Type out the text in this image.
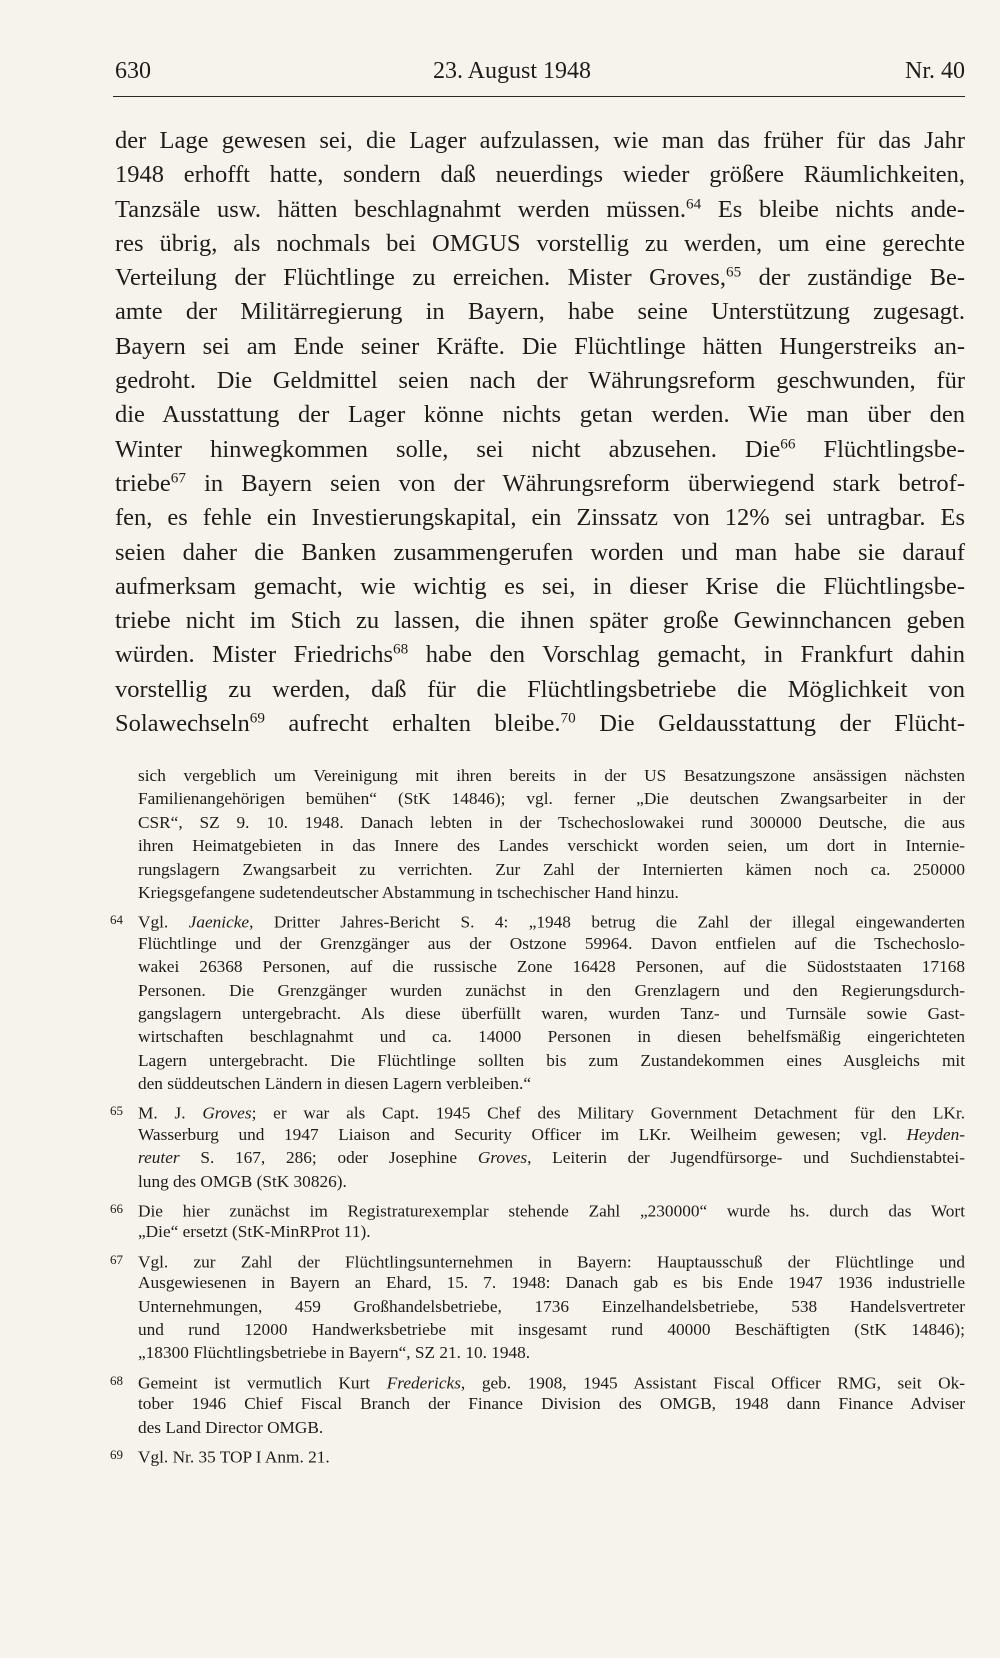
630	23. August 1948	Nr. 40
der Lage gewesen sei, die Lager aufzulassen, wie man das früher für das Jahr
1948 erhofft hatte, sondern daß neuerdings wieder größere Räumlichkeiten,
Tanzsäle usw. hätten beschlagnahmt werden müssen.$^{64}$ Es bleibe nichts ande-
res übrig, als nochmals bei OMGUS vorstellig zu werden, um eine gerechte
Verteilung der Flüchtlinge zu erreichen. Mister Groves,$^{65}$ der zuständige Be-
amte der Militärregierung in Bayern, habe seine Unterstützung zugesagt.
Bayern sei am Ende seiner Kräfte. Die Flüchtlinge hätten Hungerstreiks an-
gedroht. Die Geldmittel seien nach der Währungsreform geschwunden, für
die Ausstattung der Lager könne nichts getan werden. Wie man über den
Winter hinwegkommen solle, sei nicht abzusehen. Die$^{66}$ Flüchtlingsbe-
triebe$^{67}$ in Bayern seien von der Währungsreform überwiegend stark betrof-
fen, es fehle ein Investierungskapital, ein Zinssatz von 12% sei untragbar. Es
seien daher die Banken zusammengerufen worden und man habe sie darauf
aufmerksam gemacht, wie wichtig es sei, in dieser Krise die Flüchtlingsbe-
triebe nicht im Stich zu lassen, die ihnen später große Gewinnchancen geben
würden. Mister Friedrichs$^{68}$ habe den Vorschlag gemacht, in Frankfurt dahin
vorstellig zu werden, daß für die Flüchtlingsbetriebe die Möglichkeit von
Solawechseln$^{69}$ aufrecht erhalten bleibe.$^{70}$ Die Geldausstattung der Flücht-
sich vergeblich um Vereinigung mit ihren bereits in der US Besatzungszone ansässigen nächsten
Familienangehörigen bemühen“ (StK 14846); vgl. ferner „Die deutschen Zwangsarbeiter in der
CSR“, SZ 9. 10. 1948. Danach lebten in der Tschechoslowakei rund 300000 Deutsche, die aus
ihren Heimatgebieten in das Innere des Landes verschickt worden seien, um dort in Internie-
rungslagern Zwangsarbeit zu verrichten. Zur Zahl der Internierten kämen noch ca. 250000
Kriegsgefangene sudetendeutscher Abstammung in tschechischer Hand hinzu.
64 Vgl. Jaenicke, Dritter Jahres-Bericht S. 4: „1948 betrug die Zahl der illegal eingewanderten
Flüchtlinge und der Grenzgänger aus der Ostzone 59964. Davon entfielen auf die Tschechoslo-
wakei 26368 Personen, auf die russische Zone 16428 Personen, auf die Südoststaaten 17168
Personen. Die Grenzgänger wurden zunächst in den Grenzlagern und den Regierungsdurch-
gangslagern untergebracht. Als diese überfüllt waren, wurden Tanz- und Turnsäle sowie Gast-
wirtschaften beschlagnahmt und ca. 14000 Personen in diesen behelfsmäßig eingerichteten
Lagern untergebracht. Die Flüchtlinge sollten bis zum Zustandekommen eines Ausgleichs mit
den süddeutschen Ländern in diesen Lagern verbleiben.“
65 M. J. Groves; er war als Capt. 1945 Chef des Military Government Detachment für den LKr.
Wasserburg und 1947 Liaison and Security Officer im LKr. Weilheim gewesen; vgl. Heyden-
reuter S. 167, 286; oder Josephine Groves, Leiterin der Jugendfürsorge- und Suchdienstabtei-
lung des OMGB (StK 30826).
66 Die hier zunächst im Registraturexemplar stehende Zahl „230000“ wurde hs. durch das Wort
„Die“ ersetzt (StK-MinRProt 11).
67 Vgl. zur Zahl der Flüchtlingsunternehmen in Bayern: Hauptausschuß der Flüchtlinge und
Ausgewiesenen in Bayern an Ehard, 15. 7. 1948: Danach gab es bis Ende 1947 1936 industrielle
Unternehmungen, 459 Großhandelsbetriebe, 1736 Einzelhandelsbetriebe, 538 Handelsvertreter
und rund 12000 Handwerksbetriebe mit insgesamt rund 40000 Beschäftigten (StK 14846);
„18300 Flüchtlingsbetriebe in Bayern“, SZ 21. 10. 1948.
68 Gemeint ist vermutlich Kurt Fredericks, geb. 1908, 1945 Assistant Fiscal Officer RMG, seit Ok-
tober 1946 Chief Fiscal Branch der Finance Division des OMGB, 1948 dann Finance Adviser
des Land Director OMGB.
69 Vgl. Nr. 35 TOP I Anm. 21.
